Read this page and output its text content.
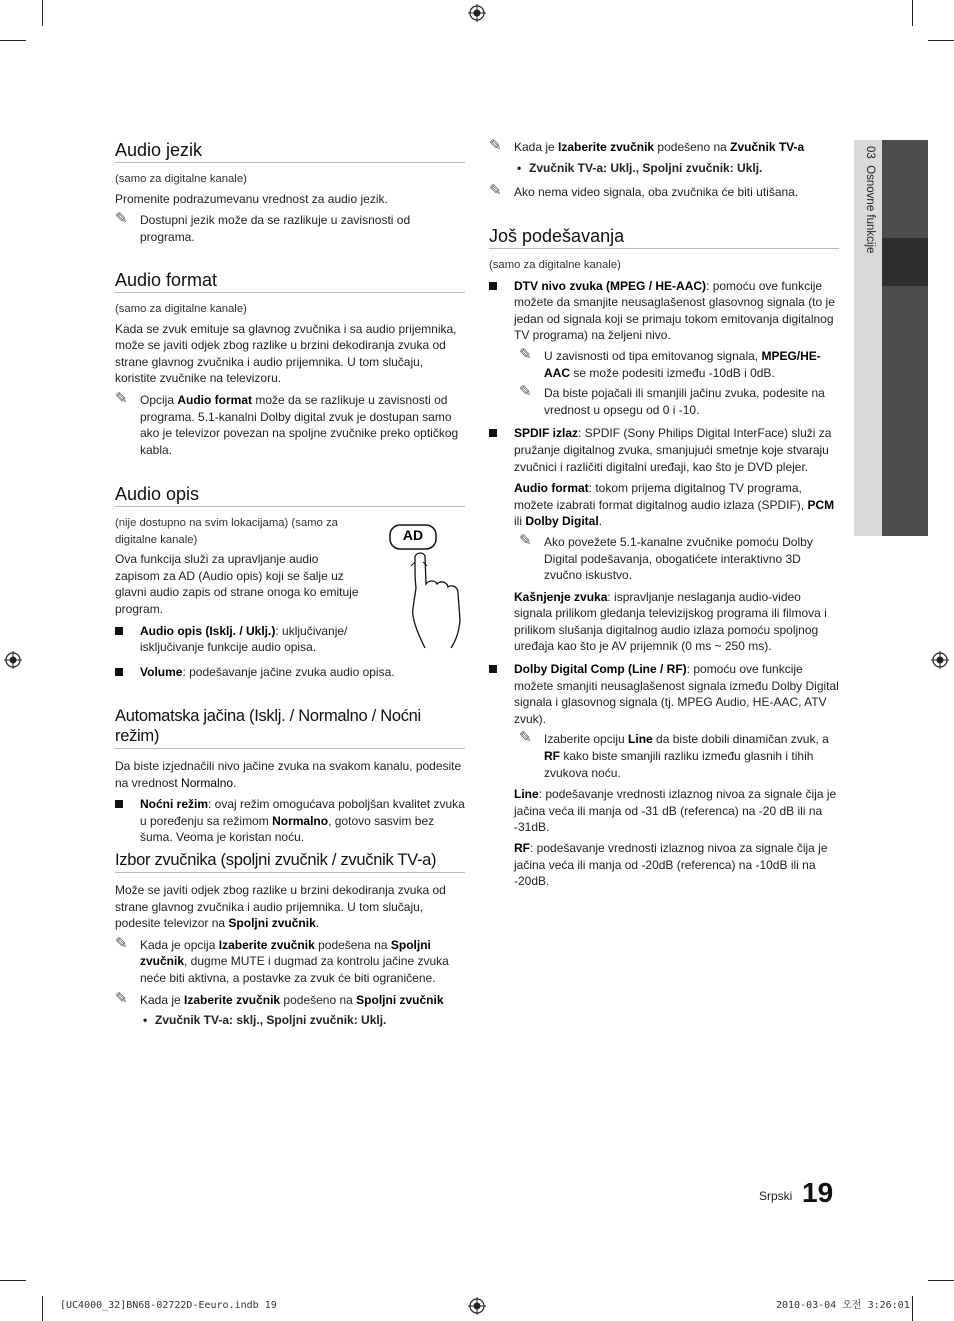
03  Osnovne funkcije
Audio jezik

(samo za digitalne kanale)

Promenite podrazumevanu vrednost za audio jezik.

✎ Dostupni jezik može da se razlikuje u zavisnosti od programa.
Audio format

(samo za digitalne kanale)

Kada se zvuk emituje sa glavnog zvučnika i sa audio prijemnika, može se javiti odjek zbog razlike u brzini dekodiranja zvuka od strane glavnog zvučnika i audio prijemnika. U tom slučaju, koristite zvučnike na televizoru.

✎ Opcija Audio format može da se razlikuje u zavisnosti od programa. 5.1-kanalni Dolby digital zvuk je dostupan samo ako je televizor povezan na spoljne zvučnike preko optičkog kabla.
Audio opis

(nije dostupno na svim lokacijama) (samo za digitalne kanale)

Ova funkcija služi za upravljanje audio zapisom za AD (Audio opis) koji se šalje uz glavni audio zapis od strane onoga ko emituje program.

Audio opis (Isklj. / Uklj.): uključivanje/ isključivanje funkcije audio opisa.
Volume: podešavanje jačine zvuka audio opisa.
AD
Automatska jačina (Isklj. / Normalno / Noćni režim)

Da biste izjednačili nivo jačine zvuka na svakom kanalu, podesite na vrednost Normalno.

Noćni režim: ovaj režim omogućava poboljšan kvalitet zvuka u poređenju sa režimom Normalno, gotovo sasvim bez šuma. Veoma je koristan noću.
Izbor zvučnika (spoljni zvučnik / zvučnik TV-a)

Može se javiti odjek zbog razlike u brzini dekodiranja zvuka od strane glavnog zvučnika i audio prijemnika. U tom slučaju, podesite televizor na Spoljni zvučnik.

✎ Kada je opcija Izaberite zvučnik podešena na Spoljni zvučnik, dugme MUTE i dugmad za kontrolu jačine zvuka neće biti aktivna, a postavke za zvuk će biti ograničene.
✎ Kada je Izaberite zvučnik podešeno na Spoljni zvučnik
• Zvučnik TV-a: sklj., Spoljni zvučnik: Uklj.
✎ Kada je Izaberite zvučnik podešeno na Zvučnik TV-a
• Zvučnik TV-a: Uklj., Spoljni zvučnik: Uklj.
✎ Ako nema video signala, oba zvučnika će biti utišana.
Još podešavanja

(samo za digitalne kanale)

DTV nivo zvuka (MPEG / HE-AAC): pomoću ove funkcije možete da smanjite neusaglašenost glasovnog signala (to je jedan od signala koji se primaju tokom emitovanja digitalnog TV programa) na željeni nivo.
✎ U zavisnosti od tipa emitovanog signala, MPEG/HE-AAC se može podesiti između -10dB i 0dB.
✎ Da biste pojačali ili smanjili jačinu zvuka, podesite na vrednost u opsegu od 0 i -10.
SPDIF izlaz: SPDIF (Sony Philips Digital InterFace) služi za pružanje digitalnog zvuka, smanjujući smetnje koje stvaraju zvučnici i različiti digitalni uređaji, kao što je DVD plejer.

Audio format: tokom prijema digitalnog TV programa, možete izabrati format digitalnog audio izlaza (SPDIF), PCM ili Dolby Digital.

✎ Ako povežete 5.1-kanalne zvučnike pomoću Dolby Digital podešavanja, obogatićete interaktivno 3D zvučno iskustvo.

Kašnjenje zvuka: ispravljanje neslaganja audio-video signala prilikom gledanja televizijskog programa ili filmova i prilikom slušanja digitalnog audio izlaza pomoću spoljnog uređaja kao što je AV prijemnik (0 ms ~ 250 ms).

Dolby Digital Comp (Line / RF): pomoću ove funkcije možete smanjiti neusaglašenost signala između Dolby Digital signala i glasovnog signala (tj. MPEG Audio, HE-AAC, ATV zvuk).
✎ Izaberite opciju Line da biste dobili dinamičan zvuk, a RF kako biste smanjili razliku između glasnih i tihih zvukova noću.

Line: podešavanje vrednosti izlaznog nivoa za signale čija je jačina veća ili manja od -31 dB (referenca) na -20 dB ili na -31dB.

RF: podešavanje vrednosti izlaznog nivoa za signale čija je jačina veća ili manja od -20dB (referenca) na -10dB ili na -20dB.

Srpski 19
[UC4000_32]BN68-02722D-Eeuro.indb 19	2010-03-04 오전 3:26:01
